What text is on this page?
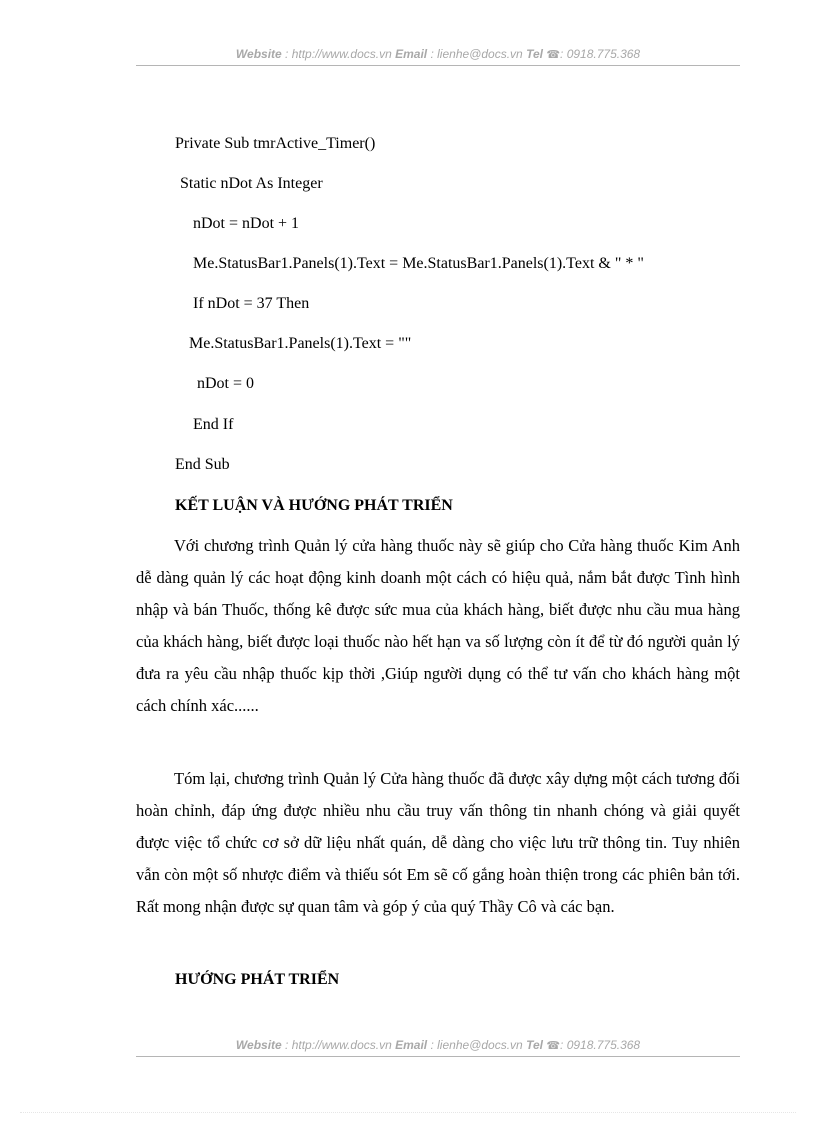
Website : http://www.docs.vn Email : lienhe@docs.vn Tel ☎: 0918.775.368
Private Sub tmrActive_Timer()
Static nDot As Integer
nDot = nDot + 1
Me.StatusBar1.Panels(1).Text = Me.StatusBar1.Panels(1).Text & " * "
If nDot = 37 Then
Me.StatusBar1.Panels(1).Text = ""
nDot = 0
End If
End Sub
KẾT LUẬN VÀ HƯỚNG PHÁT TRIỂN

Với chương trình Quản lý cửa hàng thuốc này sẽ giúp cho Cửa hàng thuốc Kim Anh dễ dàng quản lý các hoạt động kinh doanh một cách có hiệu quả, nắm bắt được Tình hình nhập và bán Thuốc, thống kê được sức mua của khách hàng, biết được nhu cầu mua hàng của khách hàng, biết được loại thuốc nào hết hạn va số lượng còn ít để từ đó người quản lý đưa ra yêu cầu nhập thuốc kịp thời ,Giúp người dụng có thể tư vấn cho khách hàng một cách chính xác......

Tóm lại, chương trình Quản lý Cửa hàng thuốc đã được xây dựng một cách tương đối hoàn chỉnh, đáp ứng được nhiều nhu cầu truy vấn thông tin nhanh chóng và giải quyết được việc tổ chức cơ sở dữ liệu nhất quán, dễ dàng cho việc lưu trữ thông tin. Tuy nhiên vẫn còn một số nhược điểm và thiếu sót Em sẽ cố gắng hoàn thiện trong các phiên bản tới. Rất mong nhận được sự quan tâm và góp ý của quý Thầy Cô và các bạn.

HƯỚNG PHÁT TRIỂN
Website : http://www.docs.vn Email : lienhe@docs.vn Tel ☎: 0918.775.368
